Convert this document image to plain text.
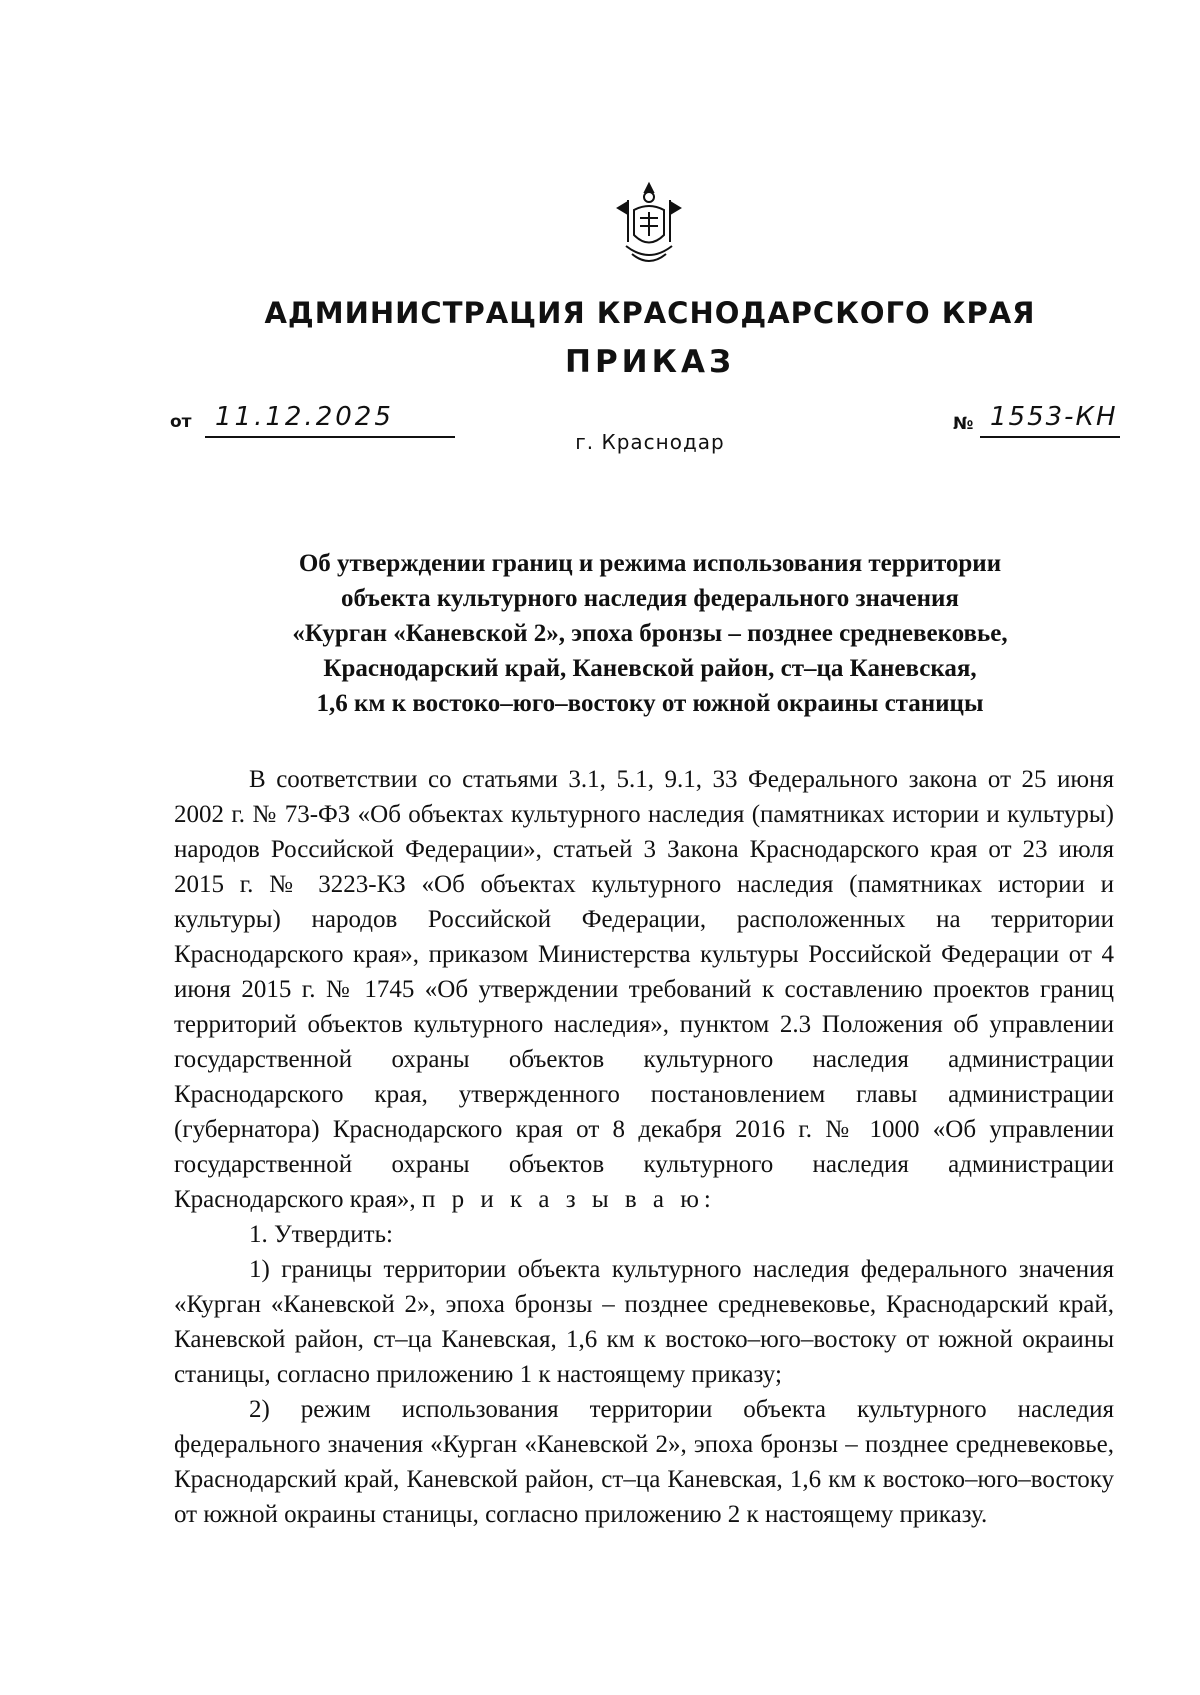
АДМИНИСТРАЦИЯ КРАСНОДАРСКОГО КРАЯ
ПРИКАЗ
от 11.12.2025
г. Краснодар
№ 1553-КН
Об утверждении границ и режима использования территории
объекта культурного наследия федерального значения
«Курган «Каневской 2», эпоха бронзы – позднее средневековье,
Краснодарский край, Каневской район, ст–ца Каневская,
1,6 км к востоко–юго–востоку от южной окраины станицы

В соответствии со статьями 3.1, 5.1, 9.1, 33 Федерального закона от 25 июня 2002 г. № 73-ФЗ «Об объектах культурного наследия (памятниках истории и культуры) народов Российской Федерации», статьей 3 Закона Краснодарского края от 23 июля 2015 г. № 3223-КЗ «Об объектах культурного наследия (памятниках истории и культуры) народов Российской Федерации, расположенных на территории Краснодарского края», приказом Министерства культуры Российской Федерации от 4 июня 2015 г. № 1745 «Об утверждении требований к составлению проектов границ территорий объектов культурного наследия», пунктом 2.3 Положения об управлении государственной охраны объектов культурного наследия администрации Краснодарского края, утвержденного постановлением главы администрации (губернатора) Краснодарского края от 8 декабря 2016 г. № 1000 «Об управлении государственной охраны объектов культурного наследия администрации Краснодарского края», п р и к а з ы в а ю:

1. Утвердить:

1) границы территории объекта культурного наследия федерального значения «Курган «Каневской 2», эпоха бронзы – позднее средневековье, Краснодарский край, Каневской район, ст–ца Каневская, 1,6 км к востоко–юго–востоку от южной окраины станицы, согласно приложению 1 к настоящему приказу;

2) режим использования территории объекта культурного наследия федерального значения «Курган «Каневской 2», эпоха бронзы – позднее средневековье, Краснодарский край, Каневской район, ст–ца Каневская, 1,6 км к востоко–юго–востоку от южной окраины станицы, согласно приложению 2 к настоящему приказу.
